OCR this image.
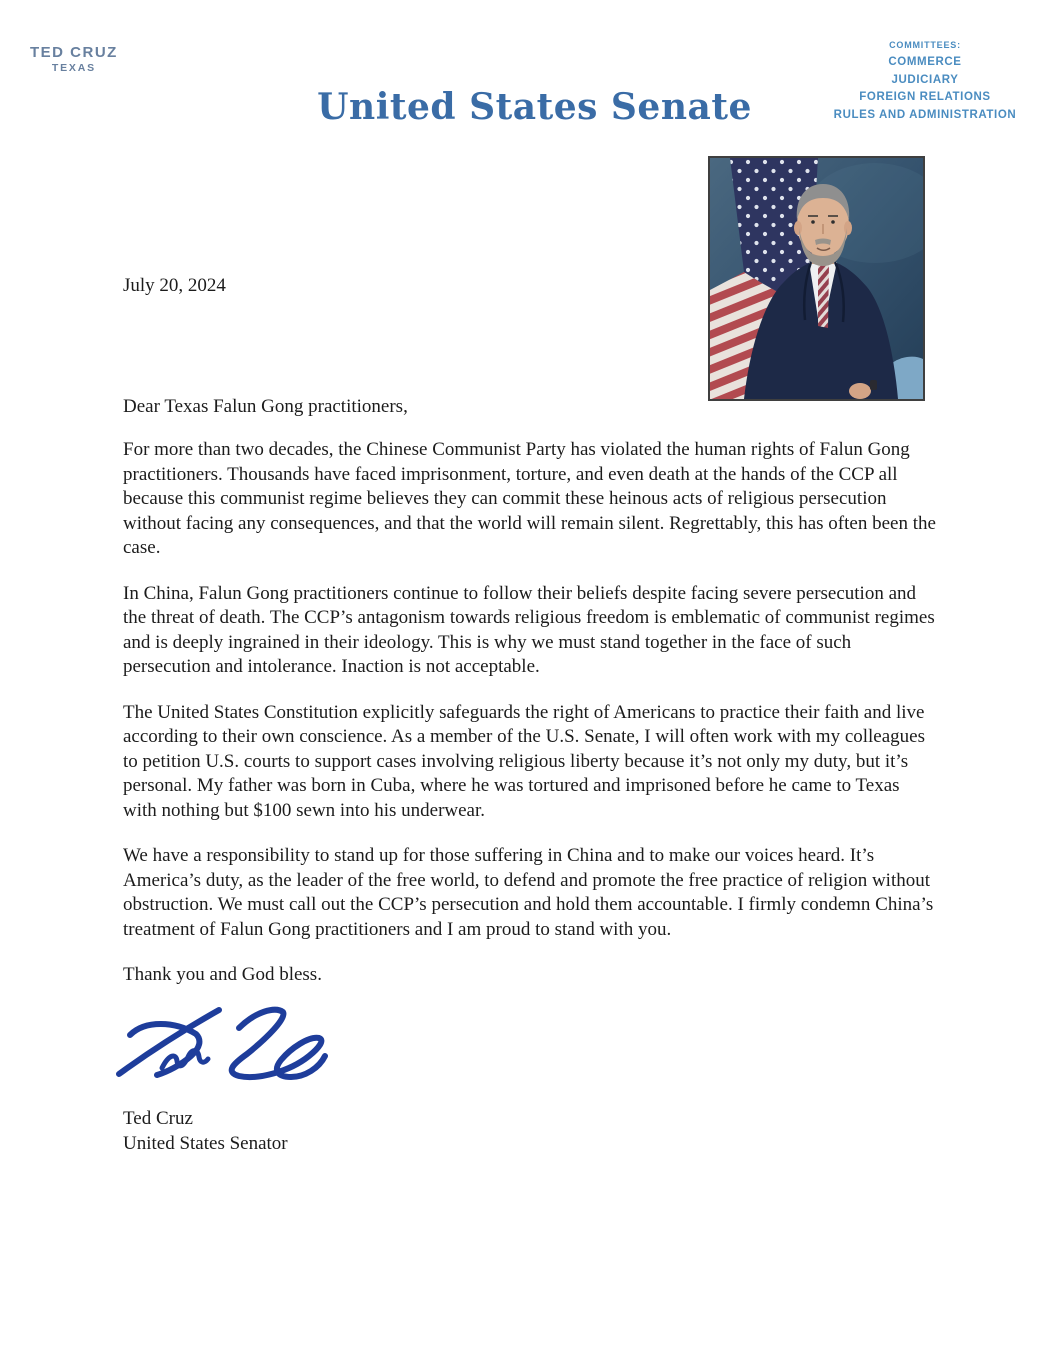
TED CRUZ
TEXAS
United States Senate
COMMITTEES:
COMMERCE
JUDICIARY
FOREIGN RELATIONS
RULES AND ADMINISTRATION
July 20, 2024
Dear Texas Falun Gong practitioners,

For more than two decades, the Chinese Communist Party has violated the human rights of Falun Gong practitioners. Thousands have faced imprisonment, torture, and even death at the hands of the CCP all because this communist regime believes they can commit these heinous acts of religious persecution without facing any consequences, and that the world will remain silent. Regrettably, this has often been the case.

In China, Falun Gong practitioners continue to follow their beliefs despite facing severe persecution and the threat of death. The CCP’s antagonism towards religious freedom is emblematic of communist regimes and is deeply ingrained in their ideology. This is why we must stand together in the face of such persecution and intolerance. Inaction is not acceptable.

The United States Constitution explicitly safeguards the right of Americans to practice their faith and live according to their own conscience. As a member of the U.S. Senate, I will often work with my colleagues to petition U.S. courts to support cases involving religious liberty because it’s not only my duty, but it’s personal. My father was born in Cuba, where he was tortured and imprisoned before he came to Texas with nothing but $100 sewn into his underwear.

We have a responsibility to stand up for those suffering in China and to make our voices heard. It’s America’s duty, as the leader of the free world, to defend and promote the free practice of religion without obstruction. We must call out the CCP’s persecution and hold them accountable. I firmly condemn China’s treatment of Falun Gong practitioners and I am proud to stand with you.

Thank you and God bless.
Ted Cruz
United States Senator
